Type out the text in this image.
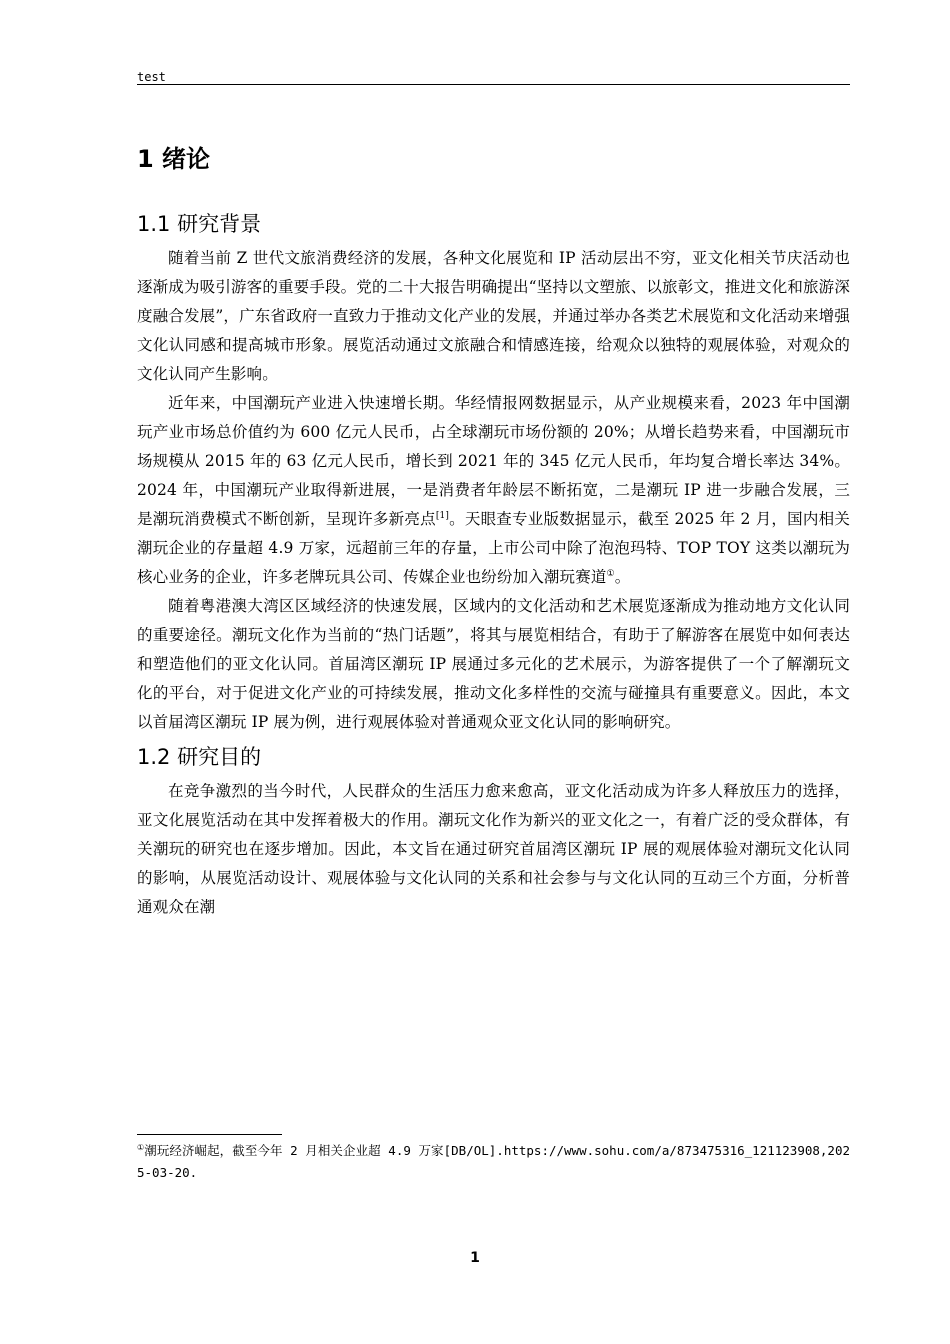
test
1 绪论
1.1 研究背景

随着当前 Z 世代文旅消费经济的发展，各种文化展览和 IP 活动层出不穷，亚文化相关节庆活动也逐渐成为吸引游客的重要手段。党的二十大报告明确提出“坚持以文塑旅、以旅彰文，推进文化和旅游深度融合发展”，广东省政府一直致力于推动文化产业的发展，并通过举办各类艺术展览和文化活动来增强文化认同感和提高城市形象。展览活动通过文旅融合和情感连接，给观众以独特的观展体验，对观众的文化认同产生影响。

近年来，中国潮玩产业进入快速增长期。华经情报网数据显示，从产业规模来看，2023 年中国潮玩产业市场总价值约为 600 亿元人民币，占全球潮玩市场份额的 20%；从增长趋势来看，中国潮玩市场规模从 2015 年的 63 亿元人民币，增长到 2021 年的 345 亿元人民币，年均复合增长率达 34%。2024 年，中国潮玩产业取得新进展，一是消费者年龄层不断拓宽，二是潮玩 IP 进一步融合发展，三是潮玩消费模式不断创新，呈现许多新亮点[1]。天眼查专业版数据显示，截至 2025 年 2 月，国内相关潮玩企业的存量超 4.9 万家，远超前三年的存量，上市公司中除了泡泡玛特、TOP TOY 这类以潮玩为核心业务的企业，许多老牌玩具公司、传媒企业也纷纷加入潮玩赛道①。

随着粤港澳大湾区区域经济的快速发展，区域内的文化活动和艺术展览逐渐成为推动地方文化认同的重要途径。潮玩文化作为当前的“热门话题”，将其与展览相结合，有助于了解游客在展览中如何表达和塑造他们的亚文化认同。首届湾区潮玩 IP 展通过多元化的艺术展示，为游客提供了一个了解潮玩文化的平台，对于促进文化产业的可持续发展，推动文化多样性的交流与碰撞具有重要意义。因此，本文以首届湾区潮玩 IP 展为例，进行观展体验对普通观众亚文化认同的影响研究。

1.2 研究目的

在竞争激烈的当今时代，人民群众的生活压力愈来愈高，亚文化活动成为许多人释放压力的选择，亚文化展览活动在其中发挥着极大的作用。潮玩文化作为新兴的亚文化之一，有着广泛的受众群体，有关潮玩的研究也在逐步增加。因此，本文旨在通过研究首届湾区潮玩 IP 展的观展体验对潮玩文化认同的影响，从展览活动设计、观展体验与文化认同的关系和社会参与与文化认同的互动三个方面，分析普通观众在潮

①潮玩经济崛起，截至今年 2 月相关企业超 4.9 万家[DB/OL].https://www.sohu.com/a/873475316_121123908,2025-03-20.
1
